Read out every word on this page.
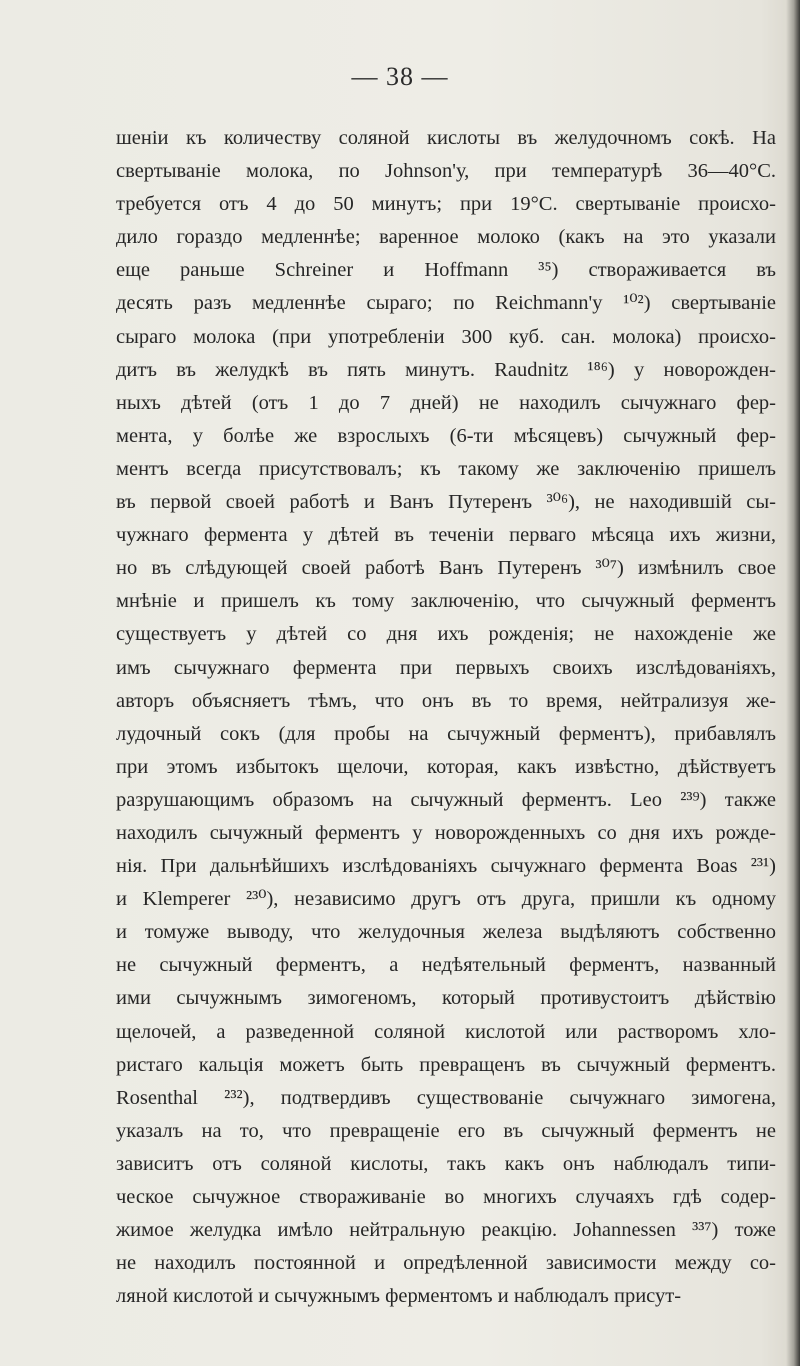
— 38 —
шеніи къ количеству соляной кислоты въ желудочномъ сокѣ. На
свертываніе молока, по Johnson'у, при температурѣ 36—40°C.
требуется отъ 4 до 50 минутъ; при 19°C. свертываніе происхо-
дило гораздо медленнѣе; варенное молоко (какъ на это указали
еще раньше Schreiner и Hoffmann ³⁵) створаживается въ
десять разъ медленнѣе сыраго; по Reichmann'у ¹⁰²) свертываніе
сыраго молока (при употребленіи 300 куб. сан. молока) происхо-
дитъ въ желудкѣ въ пять минутъ. Raudnitz ¹⁸⁶) у новорожден-
ныхъ дѣтей (отъ 1 до 7 дней) не находилъ сычужнаго фер-
мента, у болѣе же взрослыхъ (6-ти мѣсяцевъ) сычужный фер-
ментъ всегда присутствовалъ; къ такому же заключенію пришелъ
въ первой своей работѣ и Ванъ Путеренъ ³⁰⁶), не находившій сы-
чужнаго фермента у дѣтей въ теченіи перваго мѣсяца ихъ жизни,
но въ слѣдующей своей работѣ Ванъ Путеренъ ³⁰⁷) измѣнилъ свое
мнѣніе и пришелъ къ тому заключенію, что сычужный ферментъ
существуетъ у дѣтей со дня ихъ рожденія; не нахожденіе же
имъ сычужнаго фермента при первыхъ своихъ изслѣдованіяхъ,
авторъ объясняетъ тѣмъ, что онъ въ то время, нейтрализуя же-
лудочный сокъ (для пробы на сычужный ферментъ), прибавлялъ
при этомъ избытокъ щелочи, которая, какъ извѣстно, дѣйствуетъ
разрушающимъ образомъ на сычужный ферментъ. Leo ²³⁹) также
находилъ сычужный ферментъ у новорожденныхъ со дня ихъ рожде-
нія. При дальнѣйшихъ изслѣдованіяхъ сычужнаго фермента Boas ²³¹)
и Klemperer ²³⁰), независимо другъ отъ друга, пришли къ одному
и томуже выводу, что желудочныя железа выдѣляютъ собственно
не сычужный ферментъ, а недѣятельный ферментъ, названный
ими сычужнымъ зимогеномъ, который противустоитъ дѣйствію
щелочей, а разведенной соляной кислотой или растворомъ хло-
ристаго кальція можетъ быть превращенъ въ сычужный ферментъ.
Rosenthal ²³²), подтвердивъ существованіе сычужнаго зимогена,
указалъ на то, что превращеніе его въ сычужный ферментъ не
зависитъ отъ соляной кислоты, такъ какъ онъ наблюдалъ типи-
ческое сычужное створаживаніе во многихъ случаяхъ гдѣ содер-
жимое желудка имѣло нейтральную реакцію. Johannessen ³³⁷) тоже
не находилъ постоянной и опредѣленной зависимости между со-
ляной кислотой и сычужнымъ ферментомъ и наблюдалъ присут-
